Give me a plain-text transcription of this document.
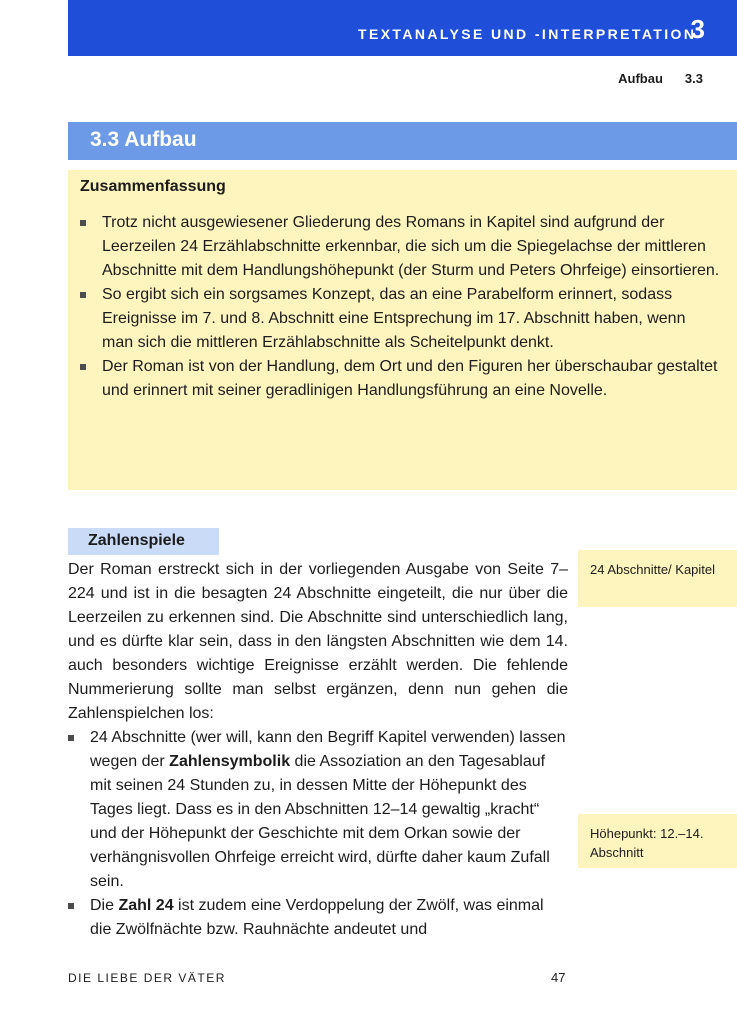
TEXTANALYSE UND -INTERPRETATION
3
Aufbau 3.3
3.3 Aufbau
Zusammenfassung
Trotz nicht ausgewiesener Gliederung des Romans in Kapitel sind aufgrund der Leerzeilen 24 Erzählabschnitte erkennbar, die sich um die Spiegelachse der mittleren Abschnitte mit dem Handlungshöhepunkt (der Sturm und Peters Ohrfeige) einsortieren.
So ergibt sich ein sorgsames Konzept, das an eine Parabelform erinnert, sodass Ereignisse im 7. und 8. Abschnitt eine Entsprechung im 17. Abschnitt haben, wenn man sich die mittleren Erzählabschnitte als Scheitelpunkt denkt.
Der Roman ist von der Handlung, dem Ort und den Figuren her überschaubar gestaltet und erinnert mit seiner geradlinigen Handlungsführung an eine Novelle.
Zahlenspiele

Der Roman erstreckt sich in der vorliegenden Ausgabe von Seite 7–224 und ist in die besagten 24 Abschnitte eingeteilt, die nur über die Leerzeilen zu erkennen sind. Die Abschnitte sind unterschiedlich lang, und es dürfte klar sein, dass in den längsten Abschnitten wie dem 14. auch besonders wichtige Ereignisse erzählt werden. Die fehlende Nummerierung sollte man selbst ergänzen, denn nun gehen die Zahlenspielchen los:

24 Abschnitte (wer will, kann den Begriff Kapitel verwenden) lassen wegen der Zahlensymbolik die Assoziation an den Tagesablauf mit seinen 24 Stunden zu, in dessen Mitte der Höhepunkt des Tages liegt. Dass es in den Abschnitten 12–14 gewaltig „kracht“ und der Höhepunkt der Geschichte mit dem Orkan sowie der verhängnisvollen Ohrfeige erreicht wird, dürfte daher kaum Zufall sein.
Die Zahl 24 ist zudem eine Verdoppelung der Zwölf, was einmal die Zwölfnächte bzw. Rauhnächte andeutet und
24 Abschnitte/ Kapitel
Höhepunkt: 12.–14. Abschnitt
DIE LIEBE DER VÄTER	47
